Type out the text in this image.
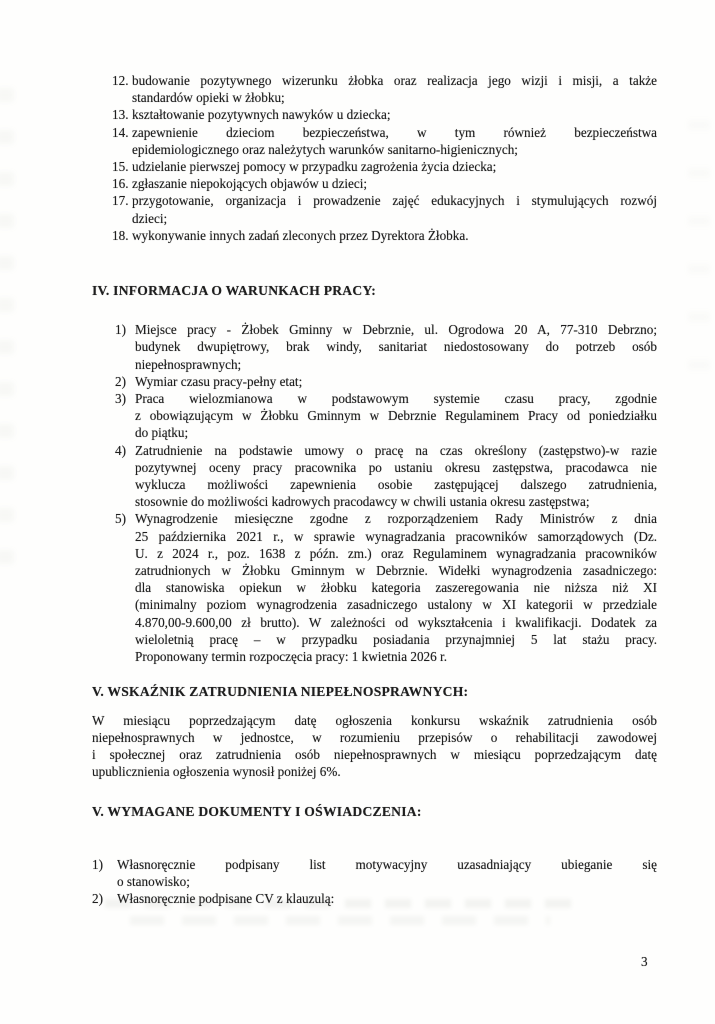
12. budowanie pozytywnego wizerunku żłobka oraz realizacja jego wizji i misji, a także
standardów opieki w żłobku;
13. kształtowanie pozytywnych nawyków u dziecka;
14. zapewnienie dzieciom bezpieczeństwa, w tym również bezpieczeństwa
epidemiologicznego oraz należytych warunków sanitarno-higienicznych;
15. udzielanie pierwszej pomocy w przypadku zagrożenia życia dziecka;
16. zgłaszanie niepokojących objawów u dzieci;
17. przygotowanie, organizacja i prowadzenie zajęć edukacyjnych i stymulujących rozwój
dzieci;
18. wykonywanie innych zadań zleconych przez Dyrektora Żłobka.
IV. INFORMACJA O WARUNKACH PRACY:
1) Miejsce pracy - Żłobek Gminny w Debrznie, ul. Ogrodowa 20 A, 77-310 Debrzno;
budynek dwupiętrowy, brak windy, sanitariat niedostosowany do potrzeb osób
niepełnosprawnych;
2) Wymiar czasu pracy-pełny etat;
3) Praca wielozmianowa w podstawowym systemie czasu pracy, zgodnie
z obowiązującym w Żłobku Gminnym w Debrznie Regulaminem Pracy od poniedziałku
do piątku;
4) Zatrudnienie na podstawie umowy o pracę na czas określony (zastępstwo)-w razie
pozytywnej oceny pracy pracownika po ustaniu okresu zastępstwa, pracodawca nie
wyklucza możliwości zapewnienia osobie zastępującej dalszego zatrudnienia,
stosownie do możliwości kadrowych pracodawcy w chwili ustania okresu zastępstwa;
5) Wynagrodzenie miesięczne zgodne z rozporządzeniem Rady Ministrów z dnia
25 października 2021 r., w sprawie wynagradzania pracowników samorządowych (Dz.
U. z 2024 r., poz. 1638 z późn. zm.) oraz Regulaminem wynagradzania pracowników
zatrudnionych w Żłobku Gminnym w Debrznie. Widełki wynagrodzenia zasadniczego:
dla stanowiska opiekun w żłobku kategoria zaszeregowania nie niższa niż XI
(minimalny poziom wynagrodzenia zasadniczego ustalony w XI kategorii w przedziale
4.870,00-9.600,00 zł brutto). W zależności od wykształcenia i kwalifikacji. Dodatek za
wieloletnią pracę – w przypadku posiadania przynajmniej 5 lat stażu pracy.
Proponowany termin rozpoczęcia pracy: 1 kwietnia 2026 r.
V. WSKAŹNIK ZATRUDNIENIA NIEPEŁNOSPRAWNYCH:
W miesiącu poprzedzającym datę ogłoszenia konkursu wskaźnik zatrudnienia osób
niepełnosprawnych w jednostce, w rozumieniu przepisów o rehabilitacji zawodowej
i społecznej oraz zatrudnienia osób niepełnosprawnych w miesiącu poprzedzającym datę
upublicznienia ogłoszenia wynosił poniżej 6%.
V. WYMAGANE DOKUMENTY I OŚWIADCZENIA:
1)	Własnoręcznie podpisany list motywacyjny uzasadniający ubieganie się
o stanowisko;
2)	Własnoręcznie podpisane CV z klauzulą:
3
